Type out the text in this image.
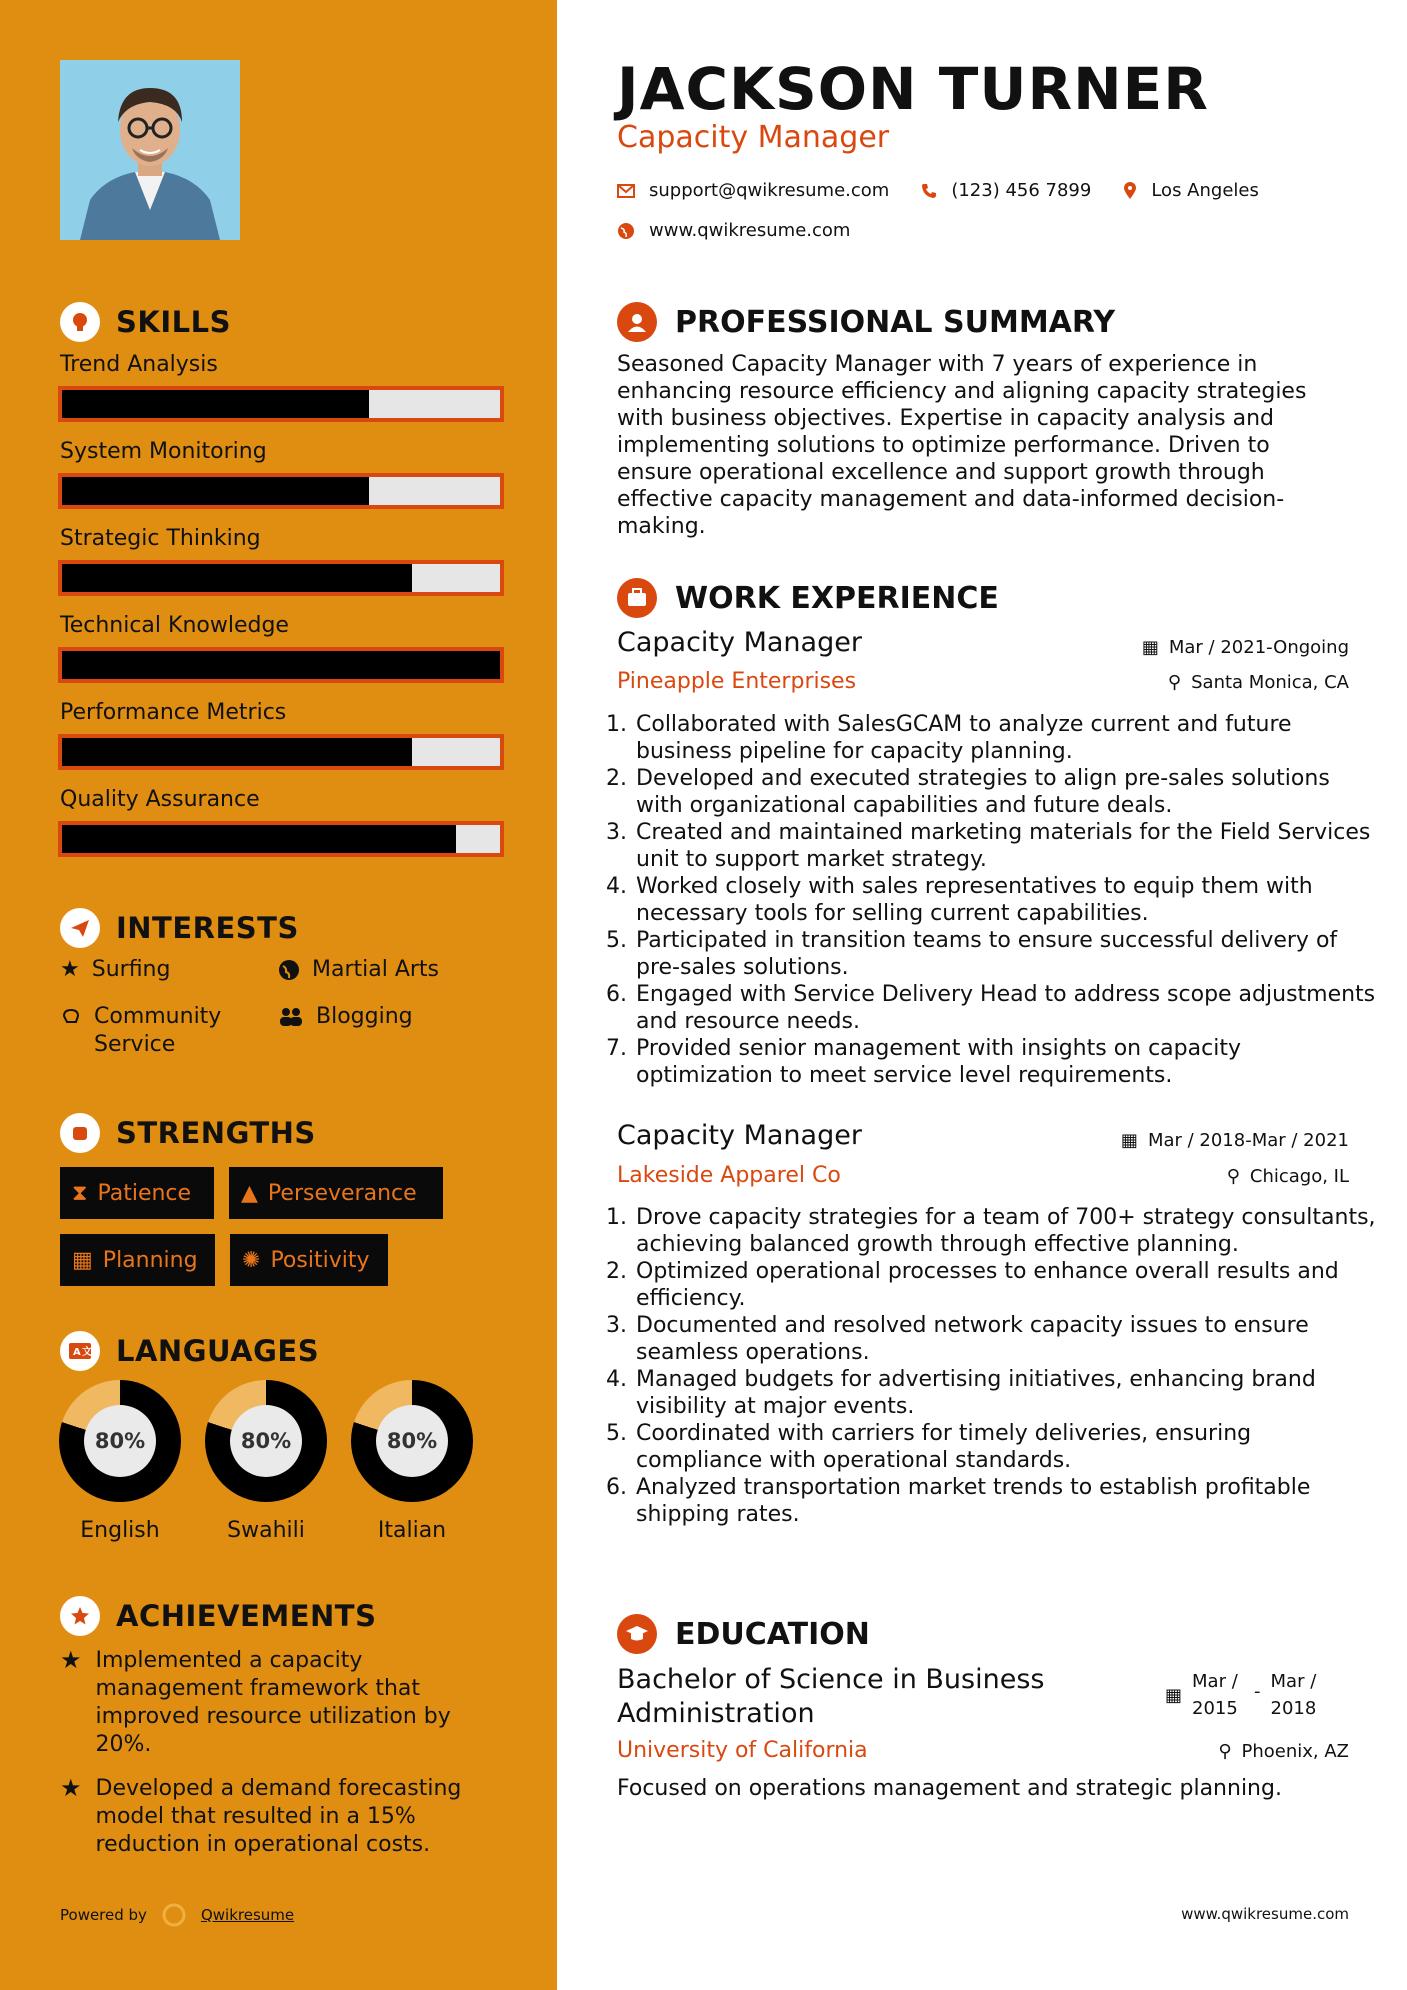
SKILLS
Trend Analysis
System Monitoring
Strategic Thinking
Technical Knowledge
Performance Metrics
Quality Assurance
INTERESTS
★ Surfing	Martial Arts
Community Service
Blogging
STRENGTHS
⧗ Patience ▲ Perseverance
▦ Planning ✺ Positivity
A 文 LANGUAGES
80%
English
80%
Swahili
80%
Italian
ACHIEVEMENTS
★ Implemented a capacity management framework that improved resource utilization by 20%.
★ Developed a demand forecasting model that resulted in a 15% reduction in operational costs.
Powered by	Qwikresume
JACKSON TURNER
Capacity Manager
support@qwikresume.com	(123) 456 7899	Los Angeles
www.qwikresume.com
PROFESSIONAL SUMMARY
Seasoned Capacity Manager with 7 years of experience in enhancing resource efficiency and aligning capacity strategies with business objectives. Expertise in capacity analysis and implementing solutions to optimize performance. Driven to ensure operational excellence and support growth through effective capacity management and data-informed decision-making.
WORK EXPERIENCE
Capacity Manager	▦ Mar / 2021-Ongoing
Pineapple Enterprises	⚲ Santa Monica, CA
1. Collaborated with SalesGCAM to analyze current and future business pipeline for capacity planning.
2. Developed and executed strategies to align pre-sales solutions with organizational capabilities and future deals.
3. Created and maintained marketing materials for the Field Services unit to support market strategy.
4. Worked closely with sales representatives to equip them with necessary tools for selling current capabilities.
5. Participated in transition teams to ensure successful delivery of pre-sales solutions.
6. Engaged with Service Delivery Head to address scope adjustments and resource needs.
7. Provided senior management with insights on capacity optimization to meet service level requirements.
Capacity Manager	▦ Mar / 2018-Mar / 2021
Lakeside Apparel Co	⚲ Chicago, IL
1. Drove capacity strategies for a team of 700+ strategy consultants, achieving balanced growth through effective planning.
2. Optimized operational processes to enhance overall results and efficiency.
3. Documented and resolved network capacity issues to ensure seamless operations.
4. Managed budgets for advertising initiatives, enhancing brand visibility at major events.
5. Coordinated with carriers for timely deliveries, ensuring compliance with operational standards.
6. Analyzed transportation market trends to establish profitable shipping rates.
EDUCATION
Bachelor of Science in Business Administration
▦
Mar / 2015
- Mar / 2018
University of California	⚲ Phoenix, AZ
Focused on operations management and strategic planning.
www.qwikresume.com
